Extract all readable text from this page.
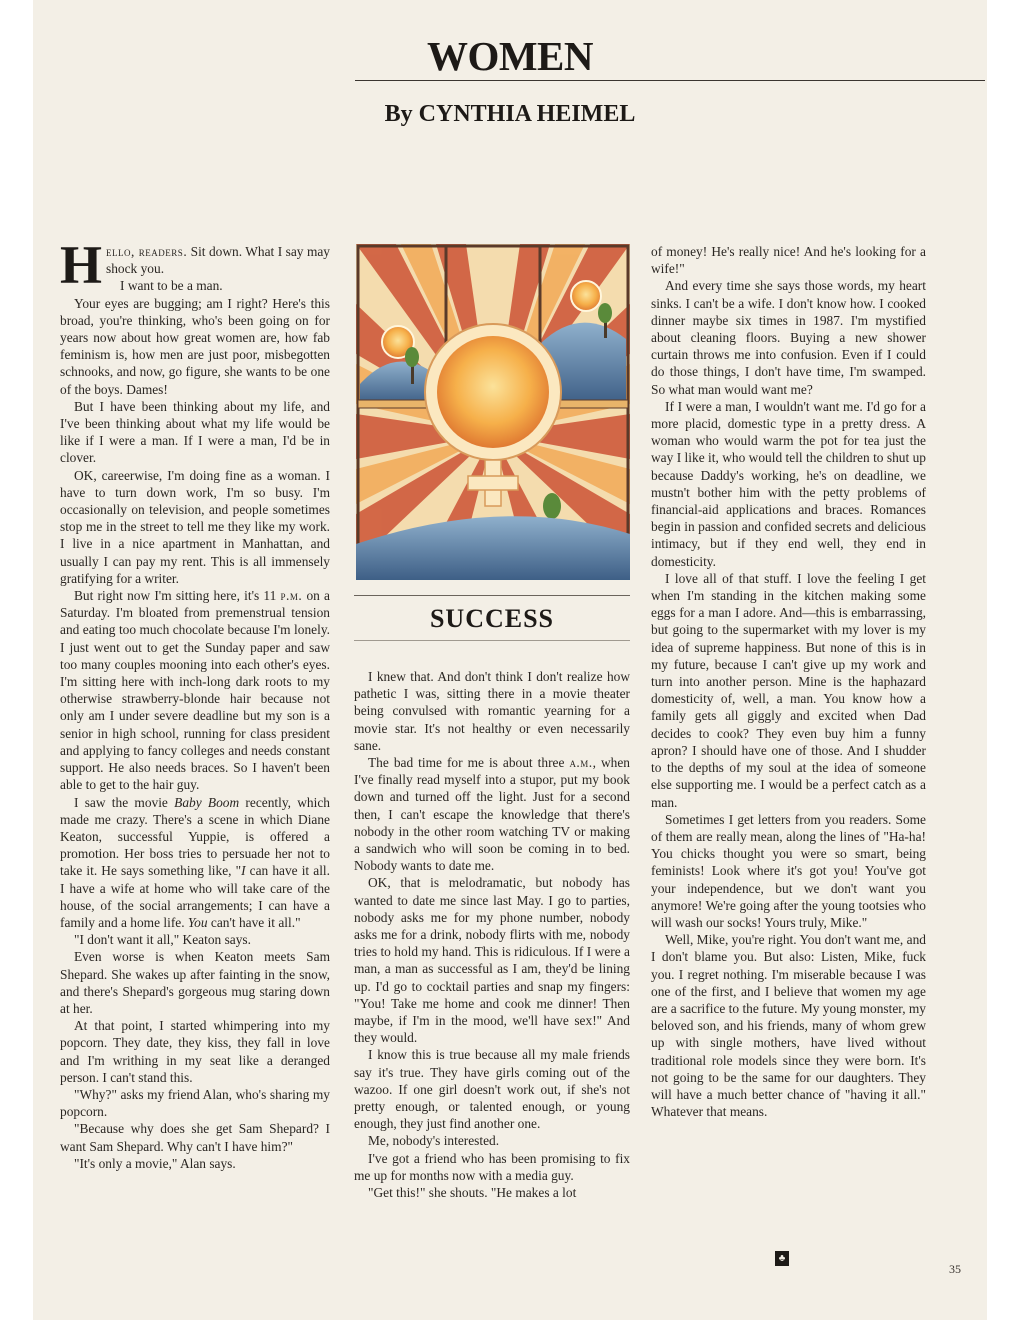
WOMEN
By CYNTHIA HEIMEL

Hello, readers. Sit down. What I say may shock you.

I want to be a man.

Your eyes are bugging; am I right? Here's this broad, you're thinking, who's been going on for years now about how great women are, how fab feminism is, how men are just poor, misbegotten schnooks, and now, go figure, she wants to be one of the boys. Dames!

But I have been thinking about my life, and I've been thinking about what my life would be like if I were a man. If I were a man, I'd be in clover.

OK, careerwise, I'm doing fine as a woman. I have to turn down work, I'm so busy. I'm occasionally on television, and people sometimes stop me in the street to tell me they like my work. I live in a nice apartment in Manhattan, and usually I can pay my rent. This is all immensely gratifying for a writer.

But right now I'm sitting here, it's 11 p.m. on a Saturday. I'm bloated from premenstrual tension and eating too much chocolate because I'm lonely. I just went out to get the Sunday paper and saw too many couples mooning into each other's eyes. I'm sitting here with inch-long dark roots to my otherwise strawberry-blonde hair because not only am I under severe deadline but my son is a senior in high school, running for class president and applying to fancy colleges and needs constant support. He also needs braces. So I haven't been able to get to the hair guy.

I saw the movie Baby Boom recently, which made me crazy. There's a scene in which Diane Keaton, successful Yuppie, is offered a promotion. Her boss tries to persuade her not to take it. He says something like, "I can have it all. I have a wife at home who will take care of the house, of the social arrangements; I can have a family and a home life. You can't have it all."

"I don't want it all," Keaton says.

Even worse is when Keaton meets Sam Shepard. She wakes up after fainting in the snow, and there's Shepard's gorgeous mug staring down at her.

At that point, I started whimpering into my popcorn. They date, they kiss, they fall in love and I'm writhing in my seat like a deranged person. I can't stand this.

"Why?" asks my friend Alan, who's sharing my popcorn.

"Because why does she get Sam Shepard? I want Sam Shepard. Why can't I have him?"

"It's only a movie," Alan says.

SUCCESS

I knew that. And don't think I don't realize how pathetic I was, sitting there in a movie theater being convulsed with romantic yearning for a movie star. It's not healthy or even necessarily sane.

The bad time for me is about three a.m., when I've finally read myself into a stupor, put my book down and turned off the light. Just for a second then, I can't escape the knowledge that there's nobody in the other room watching TV or making a sandwich who will soon be coming in to bed. Nobody wants to date me.

OK, that is melodramatic, but nobody has wanted to date me since last May. I go to parties, nobody asks me for my phone number, nobody asks me for a drink, nobody flirts with me, nobody tries to hold my hand. This is ridiculous. If I were a man, a man as successful as I am, they'd be lining up. I'd go to cocktail parties and snap my fingers: "You! Take me home and cook me dinner! Then maybe, if I'm in the mood, we'll have sex!" And they would.

I know this is true because all my male friends say it's true. They have girls coming out of the wazoo. If one girl doesn't work out, if she's not pretty enough, or talented enough, or young enough, they just find another one.

Me, nobody's interested.

I've got a friend who has been promising to fix me up for months now with a media guy.

"Get this!" she shouts. "He makes a lot

of money! He's really nice! And he's looking for a wife!"

And every time she says those words, my heart sinks. I can't be a wife. I don't know how. I cooked dinner maybe six times in 1987. I'm mystified about cleaning floors. Buying a new shower curtain throws me into confusion. Even if I could do those things, I don't have time, I'm swamped. So what man would want me?

If I were a man, I wouldn't want me. I'd go for a more placid, domestic type in a pretty dress. A woman who would warm the pot for tea just the way I like it, who would tell the children to shut up because Daddy's working, he's on deadline, we mustn't bother him with the petty problems of financial-aid applications and braces. Romances begin in passion and confided secrets and delicious intimacy, but if they end well, they end in domesticity.

I love all of that stuff. I love the feeling I get when I'm standing in the kitchen making some eggs for a man I adore. And—this is embarrassing, but going to the supermarket with my lover is my idea of supreme happiness. But none of this is in my future, because I can't give up my work and turn into another person. Mine is the haphazard domesticity of, well, a man. You know how a family gets all giggly and excited when Dad decides to cook? They even buy him a funny apron? I should have one of those. And I shudder to the depths of my soul at the idea of someone else supporting me. I would be a perfect catch as a man.

Sometimes I get letters from you readers. Some of them are really mean, along the lines of "Ha-ha! You chicks thought you were so smart, being feminists! Look where it's got you! You've got your independence, but we don't want you anymore! We're going after the young tootsies who will wash our socks! Yours truly, Mike."

Well, Mike, you're right. You don't want me, and I don't blame you. But also: Listen, Mike, fuck you. I regret nothing. I'm miserable because I was one of the first, and I believe that women my age are a sacrifice to the future. My young monster, my beloved son, and his friends, many of whom grew up with single mothers, have lived without traditional role models since they were born. It's not going to be the same for our daughters. They will have a much better chance of "having it all." Whatever that means.

♣
35
